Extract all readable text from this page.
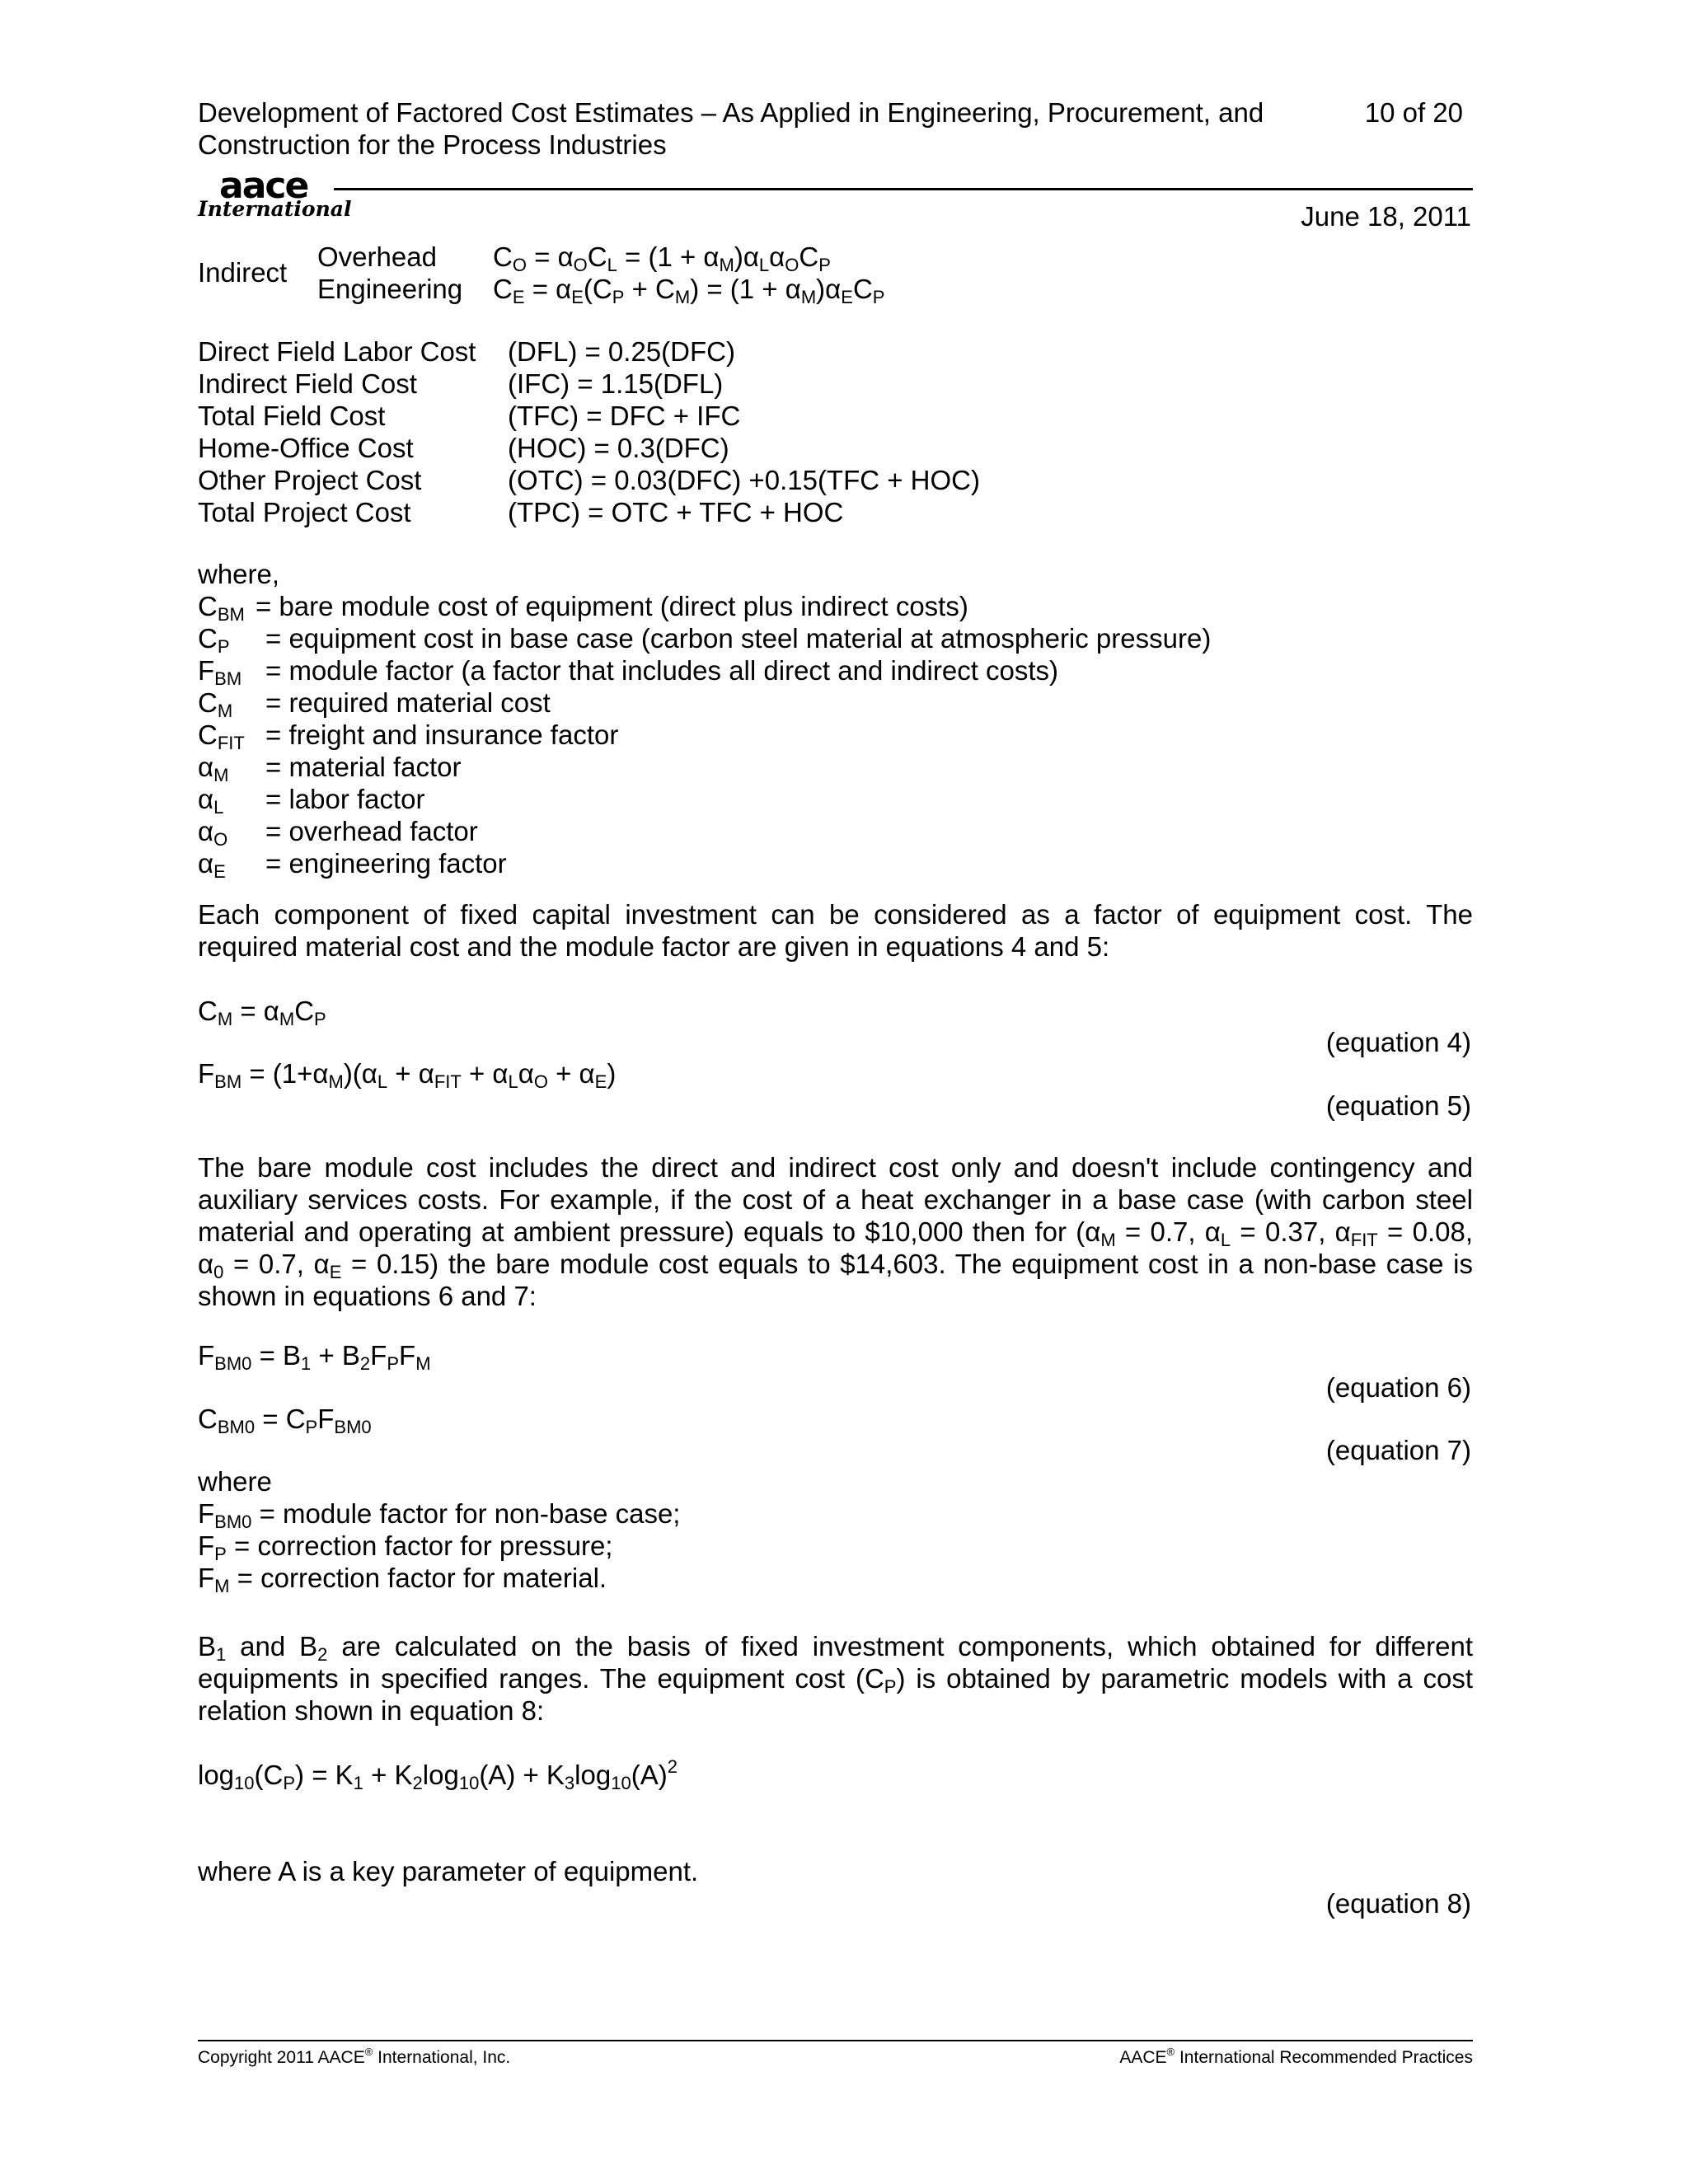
Development of Factored Cost Estimates – As Applied in Engineering, Procurement, and
Construction for the Process Industries
10 of 20
aace
International	June 18, 2011
Indirect
Overhead
Engineering
$C_O = \alpha_OC_L = (1 + \alpha_M)\alpha_L\alpha_OC_P$
$C_E = \alpha_E(C_P + C_M) = (1 + \alpha_M)\alpha_EC_P$
Direct Field Labor Cost
Indirect Field Cost
Total Field Cost
Home-Office Cost
Other Project Cost
Total Project Cost
(DFL) = 0.25(DFC)
(IFC) = 1.15(DFL)
(TFC) = DFC + IFC
(HOC) = 0.3(DFC)
(OTC) = 0.03(DFC) +0.15(TFC + HOC)
(TPC) = OTC + TFC + HOC
where,
$C_{BM}$
$C_P$
$F_{BM}$
$C_M$
$C_{FIT}$
$\alpha_M$
$\alpha_L$
$\alpha_O$
$\alpha_E$
= bare module cost of equipment (direct plus indirect costs)
= equipment cost in base case (carbon steel material at atmospheric pressure)
= module factor (a factor that includes all direct and indirect costs)
= required material cost
= freight and insurance factor
= material factor
= labor factor
= overhead factor
= engineering factor
Each component of fixed capital investment can be considered as a factor of equipment cost. The required material cost and the module factor are given in equations 4 and 5:
$C_M = \alpha_MC_P$
(equation 4)
$F_{BM} = (1+\alpha_M)(\alpha_L + \alpha_{FIT} + \alpha_L\alpha_O + \alpha_E)$
(equation 5)
The bare module cost includes the direct and indirect cost only and doesn't include contingency and auxiliary services costs. For example, if the cost of a heat exchanger in a base case (with carbon steel material and operating at ambient pressure) equals to $10,000 then for ($\alpha_M = 0.7$, $\alpha_L = 0.37$, $\alpha_{FIT} = 0.08$, $\alpha_0 = 0.7$, $\alpha_E = 0.15$) the bare module cost equals to $14,603. The equipment cost in a non-base case is shown in equations 6 and 7:
$F_{BM0} = B_1 + B_2F_PF_M$
(equation 6)
$C_{BM0} = C_PF_{BM0}$
(equation 7)
where
$F_{BM0}$ = module factor for non-base case;
$F_P$ = correction factor for pressure;
$F_M$ = correction factor for material.
$B_1$ and $B_2$ are calculated on the basis of fixed investment components, which obtained for different equipments in specified ranges. The equipment cost $(C_P)$ is obtained by parametric models with a cost relation shown in equation 8:
$\log_{10}(C_P) = K_1 + K_2\log_{10}(A) + K_3\log_{10}(A)^2$
where A is a key parameter of equipment.
(equation 8)
Copyright 2011 AACE® International, Inc.	AACE® International Recommended Practices
